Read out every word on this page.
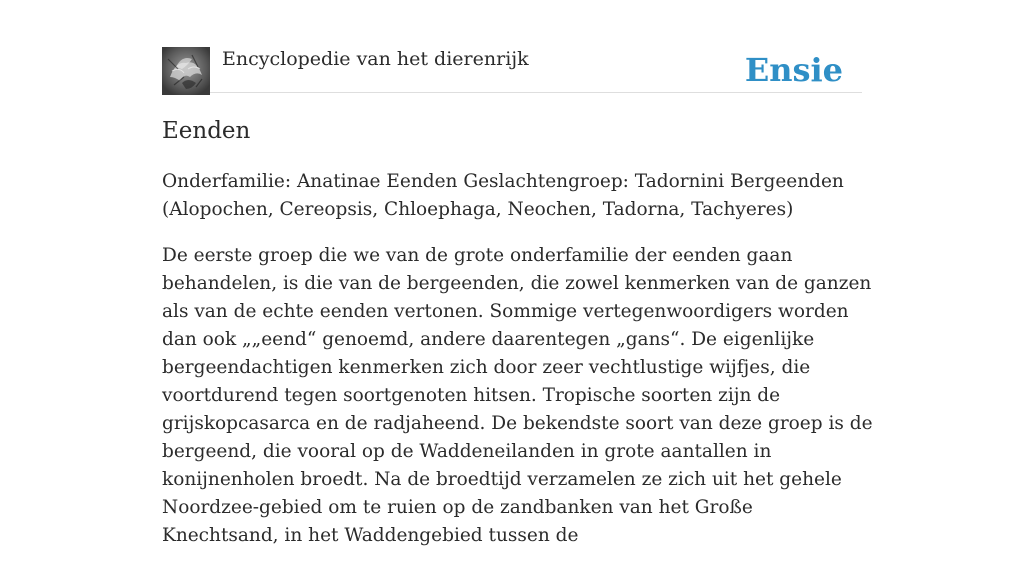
Encyclopedie van het dierenrijk	Ensie
Eenden

Onderfamilie: Anatinae Eenden Geslachtengroep: Tadornini Bergeenden (Alopochen, Cereopsis, Chloephaga, Neochen, Tadorna, Tachyeres)

De eerste groep die we van de grote onderfamilie der eenden gaan behandelen, is die van de bergeenden, die zowel kenmerken van de ganzen als van de echte eenden vertonen. Sommige vertegenwoordigers worden dan ook „„eend“ genoemd, andere daarentegen „gans“. De eigenlijke bergeendachtigen kenmerken zich door zeer vechtlustige wijfjes, die voortdurend tegen soortgenoten hitsen. Tropische soorten zijn de grijskopcasarca en de radjaheend. De bekendste soort van deze groep is de bergeend, die vooral op de Waddeneilanden in grote aantallen in konijnenholen broedt. Na de broedtijd verzamelen ze zich uit het gehele Noordzee-gebied om te ruien op de zandbanken van het Große Knechtsand, in het Waddengebied tussen de
